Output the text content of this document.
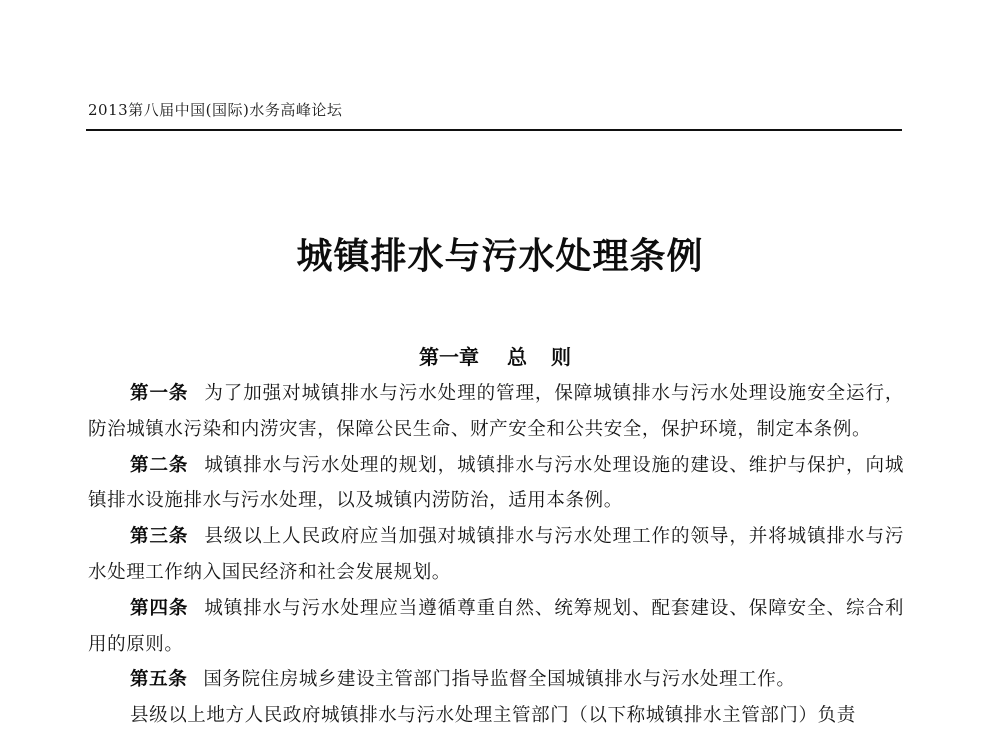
2013第八届中国(国际)水务高峰论坛
城镇排水与污水处理条例
第一章 总 则

第一条 为了加强对城镇排水与污水处理的管理，保障城镇排水与污水处理设施安全运行，防治城镇水污染和内涝灾害，保障公民生命、财产安全和公共安全，保护环境，制定本条例。

第二条 城镇排水与污水处理的规划，城镇排水与污水处理设施的建设、维护与保护，向城镇排水设施排水与污水处理，以及城镇内涝防治，适用本条例。

第三条 县级以上人民政府应当加强对城镇排水与污水处理工作的领导，并将城镇排水与污水处理工作纳入国民经济和社会发展规划。

第四条 城镇排水与污水处理应当遵循尊重自然、统筹规划、配套建设、保障安全、综合利用的原则。

第五条 国务院住房城乡建设主管部门指导监督全国城镇排水与污水处理工作。

县级以上地方人民政府城镇排水与污水处理主管部门（以下称城镇排水主管部门）负责
